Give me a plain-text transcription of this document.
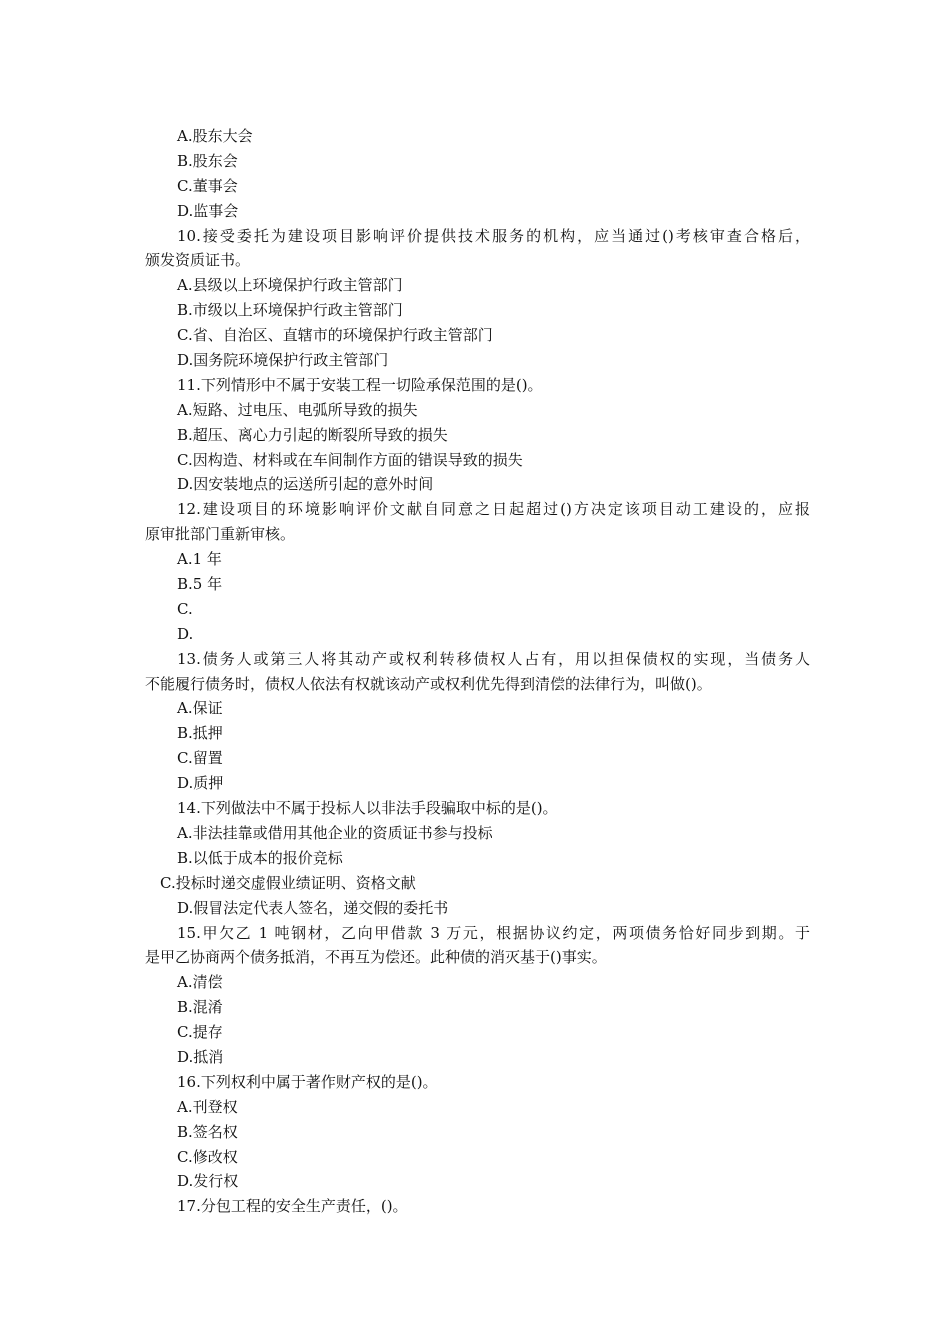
A.股东大会
B.股东会
C.董事会
D.监事会
10.接受委托为建设项目影响评价提供技术服务的机构，应当通过()考核审查合格后，
颁发资质证书。
A.县级以上环境保护行政主管部门
B.市级以上环境保护行政主管部门
C.省、自治区、直辖市的环境保护行政主管部门
D.国务院环境保护行政主管部门
11.下列情形中不属于安装工程一切险承保范围的是()。
A.短路、过电压、电弧所导致的损失
B.超压、离心力引起的断裂所导致的损失
C.因构造、材料或在车间制作方面的错误导致的损失
D.因安装地点的运送所引起的意外时间
12.建设项目的环境影响评价文献自同意之日起超过()方决定该项目动工建设的，应报
原审批部门重新审核。
A.1 年
B.5 年
C.
D.
13.债务人或第三人将其动产或权利转移债权人占有，用以担保债权的实现，当债务人
不能履行债务时，债权人依法有权就该动产或权利优先得到清偿的法律行为，叫做()。
A.保证
B.抵押
C.留置
D.质押
14.下列做法中不属于投标人以非法手段骗取中标的是()。
A.非法挂靠或借用其他企业的资质证书参与投标
B.以低于成本的报价竞标
C.投标时递交虚假业绩证明、资格文献
D.假冒法定代表人签名，递交假的委托书
15.甲欠乙 1 吨钢材，乙向甲借款 3 万元，根据协议约定，两项债务恰好同步到期。于
是甲乙协商两个债务抵消，不再互为偿还。此种债的消灭基于()事实。
A.清偿
B.混淆
C.提存
D.抵消
16.下列权利中属于著作财产权的是()。
A.刊登权
B.签名权
C.修改权
D.发行权
17.分包工程的安全生产责任，()。
